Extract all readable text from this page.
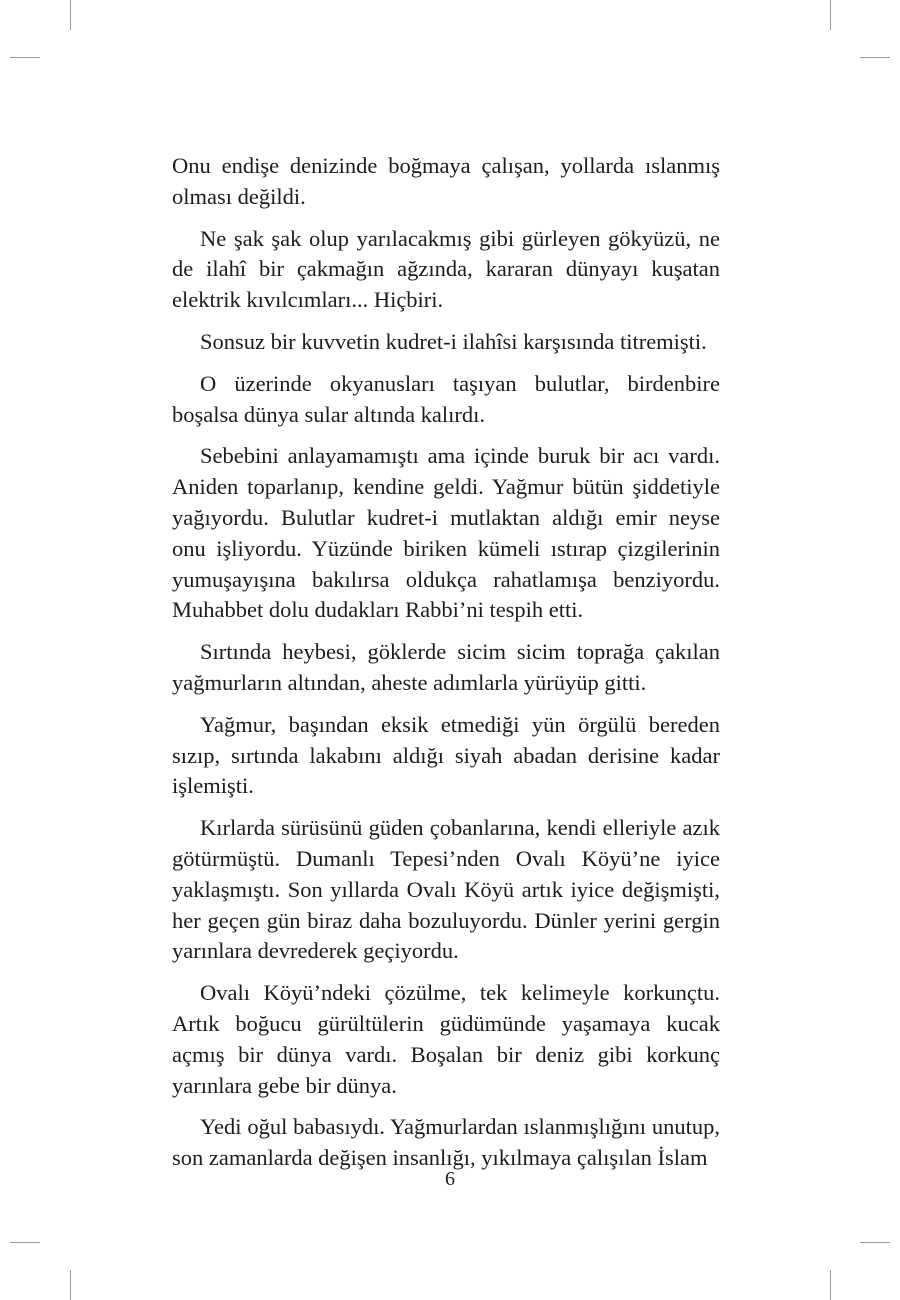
Onu endişe denizinde boğmaya çalışan, yollarda ıslanmış olması değildi.

Ne şak şak olup yarılacakmış gibi gürleyen gökyüzü, ne de ilahî bir çakmağın ağzında, kararan dünyayı kuşatan elektrik kıvılcımları... Hiçbiri.

Sonsuz bir kuvvetin kudret-i ilahîsi karşısında titremişti.

O üzerinde okyanusları taşıyan bulutlar, birdenbire boşalsa dünya sular altında kalırdı.

Sebebini anlayamamıştı ama içinde buruk bir acı vardı. Aniden toparlanıp, kendine geldi. Yağmur bütün şiddetiyle yağıyordu. Bulutlar kudret-i mutlaktan aldığı emir neyse onu işliyordu. Yüzünde biriken kümeli ıstırap çizgilerinin yumuşayışına bakılırsa oldukça rahatlamışa benziyordu. Muhabbet dolu dudakları Rabbi’ni tespih etti.

Sırtında heybesi, göklerde sicim sicim toprağa çakılan yağmurların altından, aheste adımlarla yürüyüp gitti.

Yağmur, başından eksik etmediği yün örgülü bereden sızıp, sırtında lakabını aldığı siyah abadan derisine kadar işlemişti.

Kırlarda sürüsünü güden çobanlarına, kendi elleriyle azık götürmüştü. Dumanlı Tepesi’nden Ovalı Köyü’ne iyice yaklaşmıştı. Son yıllarda Ovalı Köyü artık iyice değişmişti, her geçen gün biraz daha bozuluyordu. Dünler yerini gergin yarınlara devrederek geçiyordu.

Ovalı Köyü’ndeki çözülme, tek kelimeyle korkunçtu. Artık boğucu gürültülerin güdümünde yaşamaya kucak açmış bir dünya vardı. Boşalan bir deniz gibi korkunç yarınlara gebe bir dünya.

Yedi oğul babasıydı. Yağmurlardan ıslanmışlığını unutup, son zamanlarda değişen insanlığı, yıkılmaya çalışılan İslam

6
